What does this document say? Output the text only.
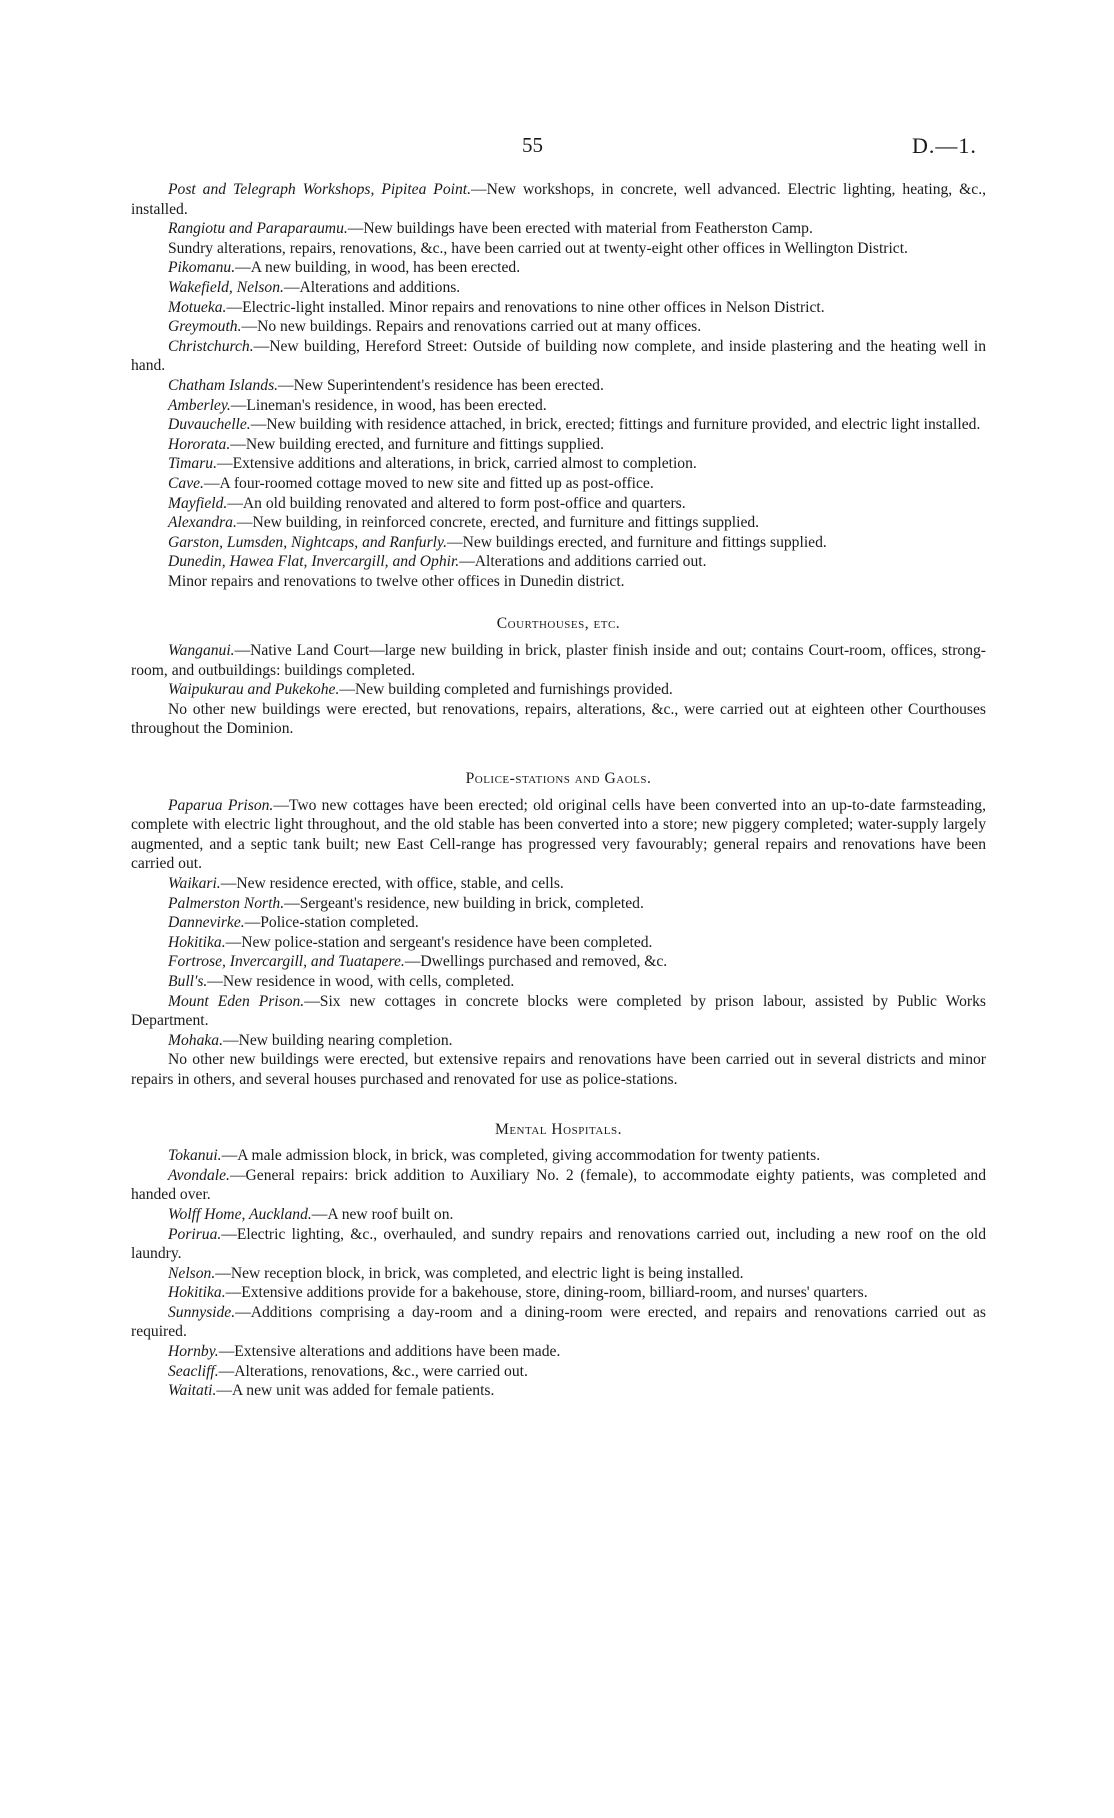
55	D.—1.

Post and Telegraph Workshops, Pipitea Point.—New workshops, in concrete, well advanced. Electric lighting, heating, &c., installed.

Rangiotu and Paraparaumu.—New buildings have been erected with material from Featherston Camp.

Sundry alterations, repairs, renovations, &c., have been carried out at twenty-eight other offices in Wellington District.

Pikomanu.—A new building, in wood, has been erected.

Wakefield, Nelson.—Alterations and additions.

Motueka.—Electric-light installed. Minor repairs and renovations to nine other offices in Nelson District.

Greymouth.—No new buildings. Repairs and renovations carried out at many offices.

Christchurch.—New building, Hereford Street: Outside of building now complete, and inside plastering and the heating well in hand.

Chatham Islands.—New Superintendent's residence has been erected.

Amberley.—Lineman's residence, in wood, has been erected.

Duvauchelle.—New building with residence attached, in brick, erected; fittings and furniture provided, and electric light installed.

Hororata.—New building erected, and furniture and fittings supplied.

Timaru.—Extensive additions and alterations, in brick, carried almost to completion.

Cave.—A four-roomed cottage moved to new site and fitted up as post-office.

Mayfield.—An old building renovated and altered to form post-office and quarters.

Alexandra.—New building, in reinforced concrete, erected, and furniture and fittings supplied.

Garston, Lumsden, Nightcaps, and Ranfurly.—New buildings erected, and furniture and fittings supplied.

Dunedin, Hawea Flat, Invercargill, and Ophir.—Alterations and additions carried out.

Minor repairs and renovations to twelve other offices in Dunedin district.

Courthouses, etc.

Wanganui.—Native Land Court—large new building in brick, plaster finish inside and out; contains Court-room, offices, strong-room, and outbuildings: buildings completed.

Waipukurau and Pukekohe.—New building completed and furnishings provided.

No other new buildings were erected, but renovations, repairs, alterations, &c., were carried out at eighteen other Courthouses throughout the Dominion.

Police-stations and Gaols.

Paparua Prison.—Two new cottages have been erected; old original cells have been converted into an up-to-date farmsteading, complete with electric light throughout, and the old stable has been converted into a store; new piggery completed; water-supply largely augmented, and a septic tank built; new East Cell-range has progressed very favourably; general repairs and renovations have been carried out.

Waikari.—New residence erected, with office, stable, and cells.

Palmerston North.—Sergeant's residence, new building in brick, completed.

Dannevirke.—Police-station completed.

Hokitika.—New police-station and sergeant's residence have been completed.

Fortrose, Invercargill, and Tuatapere.—Dwellings purchased and removed, &c.

Bull's.—New residence in wood, with cells, completed.

Mount Eden Prison.—Six new cottages in concrete blocks were completed by prison labour, assisted by Public Works Department.

Mohaka.—New building nearing completion.

No other new buildings were erected, but extensive repairs and renovations have been carried out in several districts and minor repairs in others, and several houses purchased and renovated for use as police-stations.

Mental Hospitals.

Tokanui.—A male admission block, in brick, was completed, giving accommodation for twenty patients.

Avondale.—General repairs: brick addition to Auxiliary No. 2 (female), to accommodate eighty patients, was completed and handed over.

Wolff Home, Auckland.—A new roof built on.

Porirua.—Electric lighting, &c., overhauled, and sundry repairs and renovations carried out, including a new roof on the old laundry.

Nelson.—New reception block, in brick, was completed, and electric light is being installed.

Hokitika.—Extensive additions provide for a bakehouse, store, dining-room, billiard-room, and nurses' quarters.

Sunnyside.—Additions comprising a day-room and a dining-room were erected, and repairs and renovations carried out as required.

Hornby.—Extensive alterations and additions have been made.

Seacliff.—Alterations, renovations, &c., were carried out.

Waitati.—A new unit was added for female patients.
